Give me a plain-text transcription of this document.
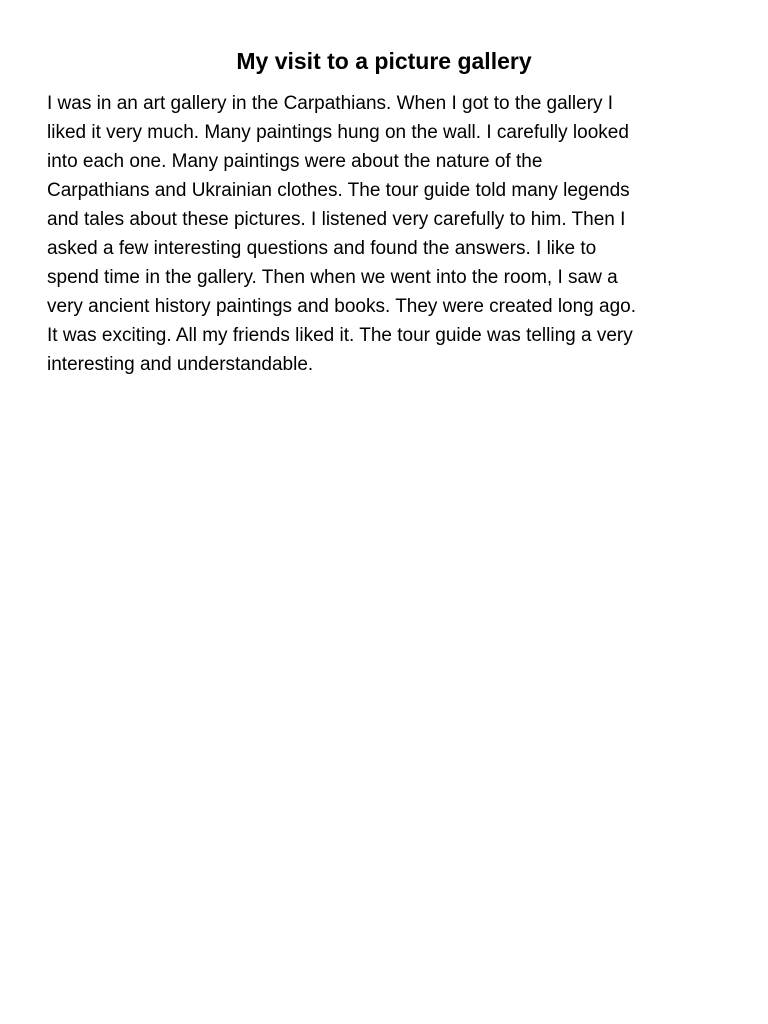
My visit to a picture gallery

I was in an art gallery in the Carpathians. When I got to the gallery I
liked it very much. Many paintings hung on the wall. I carefully looked
into each one. Many paintings were about the nature of the
Carpathians and Ukrainian clothes. The tour guide told many legends
and tales about these pictures. I listened very carefully to him. Then I
asked a few interesting questions and found the answers. I like to
spend time in the gallery. Then when we went into the room, I saw a
very ancient history paintings and books. They were created long ago.
It was exciting. All my friends liked it. The tour guide was telling a very
interesting and understandable.
